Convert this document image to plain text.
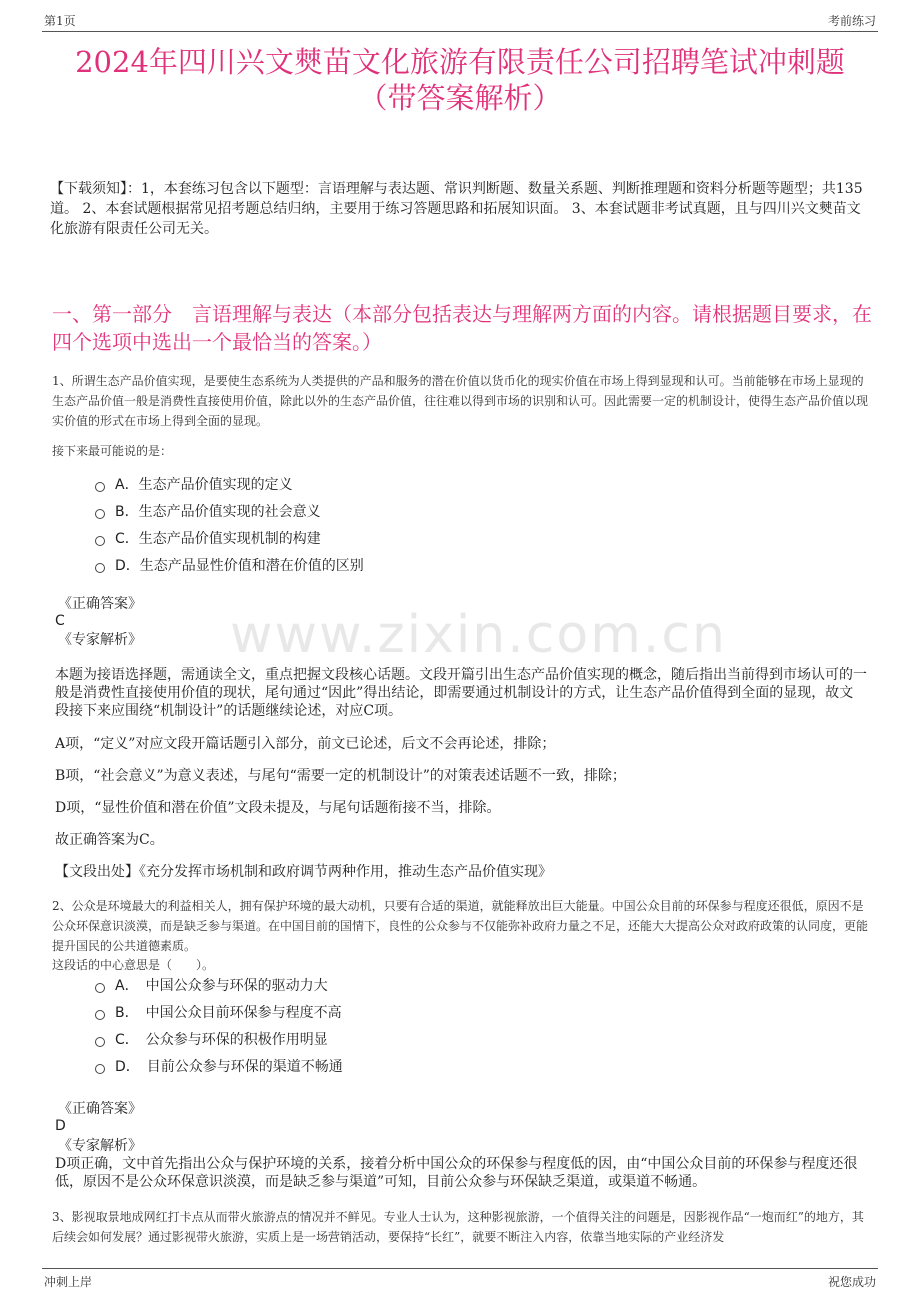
第1页	考前练习
www.zixin.com.cn
2024年四川兴文僰苗文化旅游有限责任公司招聘笔试冲刺题
（带答案解析）
【下载须知】：1，本套练习包含以下题型：言语理解与表达题、常识判断题、数量关系题、判断推理题和资料分析题等题型；共135道。 2、本套试题根据常见招考题总结归纳，主要用于练习答题思路和拓展知识面。 3、本套试题非考试真题，且与四川兴文僰苗文化旅游有限责任公司无关。
一、第一部分　言语理解与表达（本部分包括表达与理解两方面的内容。请根据题目要求，在四个选项中选出一个最恰当的答案。）
1、所谓生态产品价值实现，是要使生态系统为人类提供的产品和服务的潜在价值以货币化的现实价值在市场上得到显现和认可。当前能够在市场上显现的生态产品价值一般是消费性直接使用价值，除此以外的生态产品价值，往往难以得到市场的识别和认可。因此需要一定的机制设计，使得生态产品价值以现实价值的形式在市场上得到全面的显现。
接下来最可能说的是：
A．生态产品价值实现的定义
B．生态产品价值实现的社会意义
C．生态产品价值实现机制的构建
D．生态产品显性价值和潜在价值的区别
《正确答案》
C
《专家解析》
本题为接语选择题，需通读全文，重点把握文段核心话题。文段开篇引出生态产品价值实现的概念，随后指出当前得到市场认可的一般是消费性直接使用价值的现状，尾句通过“因此”得出结论，即需要通过机制设计的方式，让生态产品价值得到全面的显现，故文段接下来应围绕“机制设计”的话题继续论述，对应C项。
A项，“定义”对应文段开篇话题引入部分，前文已论述，后文不会再论述，排除；
B项，“社会意义”为意义表述，与尾句“需要一定的机制设计”的对策表述话题不一致，排除；
D项，“显性价值和潜在价值”文段未提及，与尾句话题衔接不当，排除。
故正确答案为C。
【文段出处】《充分发挥市场机制和政府调节两种作用，推动生态产品价值实现》
2、公众是环境最大的利益相关人，拥有保护环境的最大动机，只要有合适的渠道，就能释放出巨大能量。中国公众目前的环保参与程度还很低，原因不是公众环保意识淡漠，而是缺乏参与渠道。在中国目前的国情下，良性的公众参与不仅能弥补政府力量之不足，还能大大提高公众对政府政策的认同度，更能提升国民的公共道德素质。
这段话的中心意思是（　　）。
A．　中国公众参与环保的驱动力大
B．　中国公众目前环保参与程度不高
C．　公众参与环保的积极作用明显
D．　目前公众参与环保的渠道不畅通
《正确答案》
D
《专家解析》
D项正确，文中首先指出公众与保护环境的关系，接着分析中国公众的环保参与程度低的因，由“中国公众目前的环保参与程度还很低，原因不是公众环保意识淡漠，而是缺乏参与渠道”可知，目前公众参与环保缺乏渠道，或渠道不畅通。
3、影视取景地成网红打卡点从而带火旅游点的情况并不鲜见。专业人士认为，这种影视旅游，一个值得关注的问题是，因影视作品“一炮而红”的地方，其后续会如何发展？通过影视带火旅游，实质上是一场营销活动，要保持“长红”，就要不断注入内容，依靠当地实际的产业经济发
冲刺上岸	祝您成功
